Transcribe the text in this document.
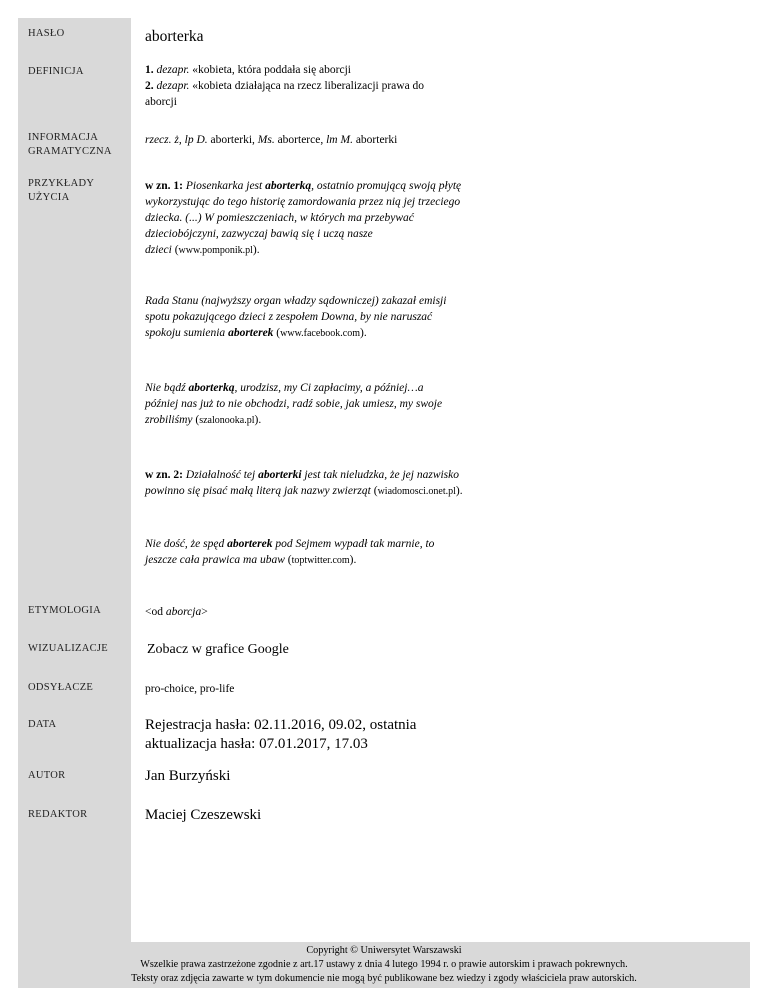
HASŁO
DEFINICJA
INFORMACJA
GRAMATYCZNA
PRZYKŁADY
UŻYCIA
ETYMOLOGIA
WIZUALIZACJE
ODSYŁACZE
DATA
AUTOR
REDAKTOR
aborterka
1. dezapr. «kobieta, która poddała się aborcji
2. dezapr. «kobieta działająca na rzecz liberalizacji prawa do
aborcji
rzecz. ż, lp D. aborterki, Ms. aborterce, lm M. aborterki
w zn. 1: Piosenkarka jest aborterką, ostatnio promującą swoją płytę
wykorzystując do tego historię zamordowania przez nią jej trzeciego
dziecka. (...) W pomieszczeniach, w których ma przebywać
dzieciobójczyni, zazwyczaj bawią się i uczą nasze
dzieci (www.pomponik.pl).
Rada Stanu (najwyższy organ władzy sądowniczej) zakazał emisji
spotu pokazującego dzieci z zespołem Downa, by nie naruszać
spokoju sumienia aborterek (www.facebook.com).
Nie bądź aborterką, urodzisz, my Ci zapłacimy, a później…a
później nas już to nie obchodzi, radź sobie, jak umiesz, my swoje
zrobiliśmy (szalonooka.pl).
w zn. 2: Działalność tej aborterki jest tak nieludzka, że jej nazwisko
powinno się pisać małą literą jak nazwy zwierząt (wiadomosci.onet.pl).
Nie dość, że spęd aborterek pod Sejmem wypadł tak marnie, to
jeszcze cała prawica ma ubaw (toptwitter.com).
<od aborcja>
Zobacz w grafice Google
pro-choice, pro-life
Rejestracja hasła: 02.11.2016, 09.02, ostatnia
aktualizacja hasła: 07.01.2017, 17.03
Jan Burzyński
Maciej Czeszewski
Copyright © Uniwersytet Warszawski
Wszelkie prawa zastrzeżone zgodnie z art.17 ustawy z dnia 4 lutego 1994 r. o prawie autorskim i prawach pokrewnych.
Teksty oraz zdjęcia zawarte w tym dokumencie nie mogą być publikowane bez wiedzy i zgody właściciela praw autorskich.
